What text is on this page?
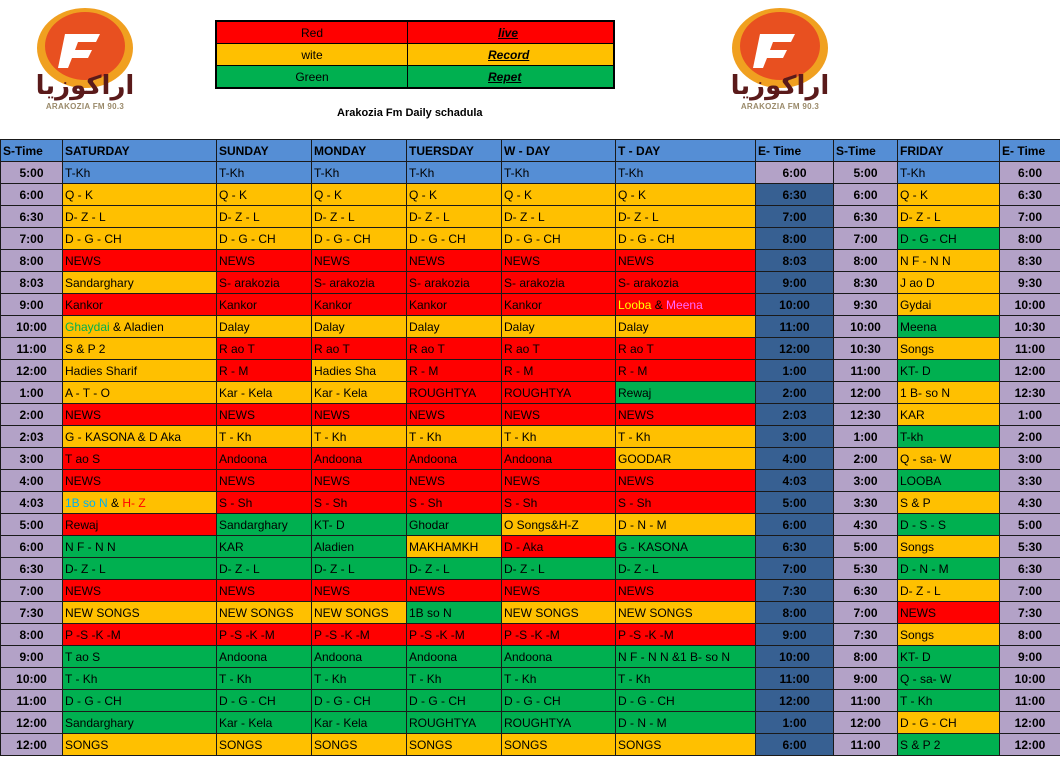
اراکوزیا
ARAKOZIA FM 90.3
اراکوزیا
ARAKOZIA FM 90.3
Red	live
wite	Record
Green	Repet
Arakozia Fm Daily schadula
S-Time	SATURDAY	SUNDAY	MONDAY	TUERSDAY	W - DAY	T - DAY	E- Time	S-Time	FRIDAY	E- Time
5:00	T-Kh	T-Kh	T-Kh	T-Kh	T-Kh	T-Kh	6:00	5:00	T-Kh	6:00
6:00	Q - K	Q - K	Q - K	Q - K	Q - K	Q - K	6:30	6:00	Q - K	6:30
6:30	D- Z - L	D- Z - L	D- Z - L	D- Z - L	D- Z - L	D- Z - L	7:00	6:30	D- Z - L	7:00
7:00	D - G - CH	D - G - CH	D - G - CH	D - G - CH	D - G - CH	D - G - CH	8:00	7:00	D - G - CH	8:00
8:00	NEWS	NEWS	NEWS	NEWS	NEWS	NEWS	8:03	8:00	N F - N N	8:30
8:03	Sandarghary	S- arakozia	S- arakozia	S- arakozia	S- arakozia	S- arakozia	9:00	8:30	J ao D	9:30
9:00	Kankor	Kankor	Kankor	Kankor	Kankor	Looba & Meena	10:00	9:30	Gydai	10:00
10:00	Ghaydai & Aladien	Dalay	Dalay	Dalay	Dalay	Dalay	11:00	10:00	Meena	10:30
11:00	S & P 2	R ao T	R ao T	R ao T	R ao T	R ao T	12:00	10:30	Songs	11:00
12:00	Hadies Sharif	R - M	Hadies Sha	R - M	R - M	R - M	1:00	11:00	KT- D	12:00
1:00	A - T - O	Kar - Kela	Kar - Kela	ROUGHTYA	ROUGHTYA	Rewaj	2:00	12:00	1 B- so N	12:30
2:00	NEWS	NEWS	NEWS	NEWS	NEWS	NEWS	2:03	12:30	KAR	1:00
2:03	G - KASONA & D Aka	T - Kh	T - Kh	T - Kh	T - Kh	T - Kh	3:00	1:00	T-kh	2:00
3:00	T ao S	Andoona	Andoona	Andoona	Andoona	GOODAR	4:00	2:00	Q - sa- W	3:00
4:00	NEWS	NEWS	NEWS	NEWS	NEWS	NEWS	4:03	3:00	LOOBA	3:30
4:03	1B so N & H- Z	S - Sh	S - Sh	S - Sh	S - Sh	S - Sh	5:00	3:30	S & P	4:30
5:00	Rewaj	Sandarghary	KT- D	Ghodar	O Songs&H-Z	D - N - M	6:00	4:30	D - S - S	5:00
6:00	N F - N N	KAR	Aladien	MAKHAMKH	D - Aka	G - KASONA	6:30	5:00	Songs	5:30
6:30	D- Z - L	D- Z - L	D- Z - L	D- Z - L	D- Z - L	D- Z - L	7:00	5:30	D - N - M	6:30
7:00	NEWS	NEWS	NEWS	NEWS	NEWS	NEWS	7:30	6:30	D- Z - L	7:00
7:30	NEW SONGS	NEW SONGS	NEW SONGS	1B so N	NEW SONGS	NEW SONGS	8:00	7:00	NEWS	7:30
8:00	P -S -K -M	P -S -K -M	P -S -K -M	P -S -K -M	P -S -K -M	P -S -K -M	9:00	7:30	Songs	8:00
9:00	T ao S	Andoona	Andoona	Andoona	Andoona	N F - N N &1 B- so N	10:00	8:00	KT- D	9:00
10:00	T - Kh	T - Kh	T - Kh	T - Kh	T - Kh	T - Kh	11:00	9:00	Q - sa- W	10:00
11:00	D - G - CH	D - G - CH	D - G - CH	D - G - CH	D - G - CH	D - G - CH	12:00	11:00	T - Kh	11:00
12:00	Sandarghary	Kar - Kela	Kar - Kela	ROUGHTYA	ROUGHTYA	D - N - M	1:00	12:00	D - G - CH	12:00
12:00	SONGS	SONGS	SONGS	SONGS	SONGS	SONGS	6:00	11:00	S & P 2	12:00
